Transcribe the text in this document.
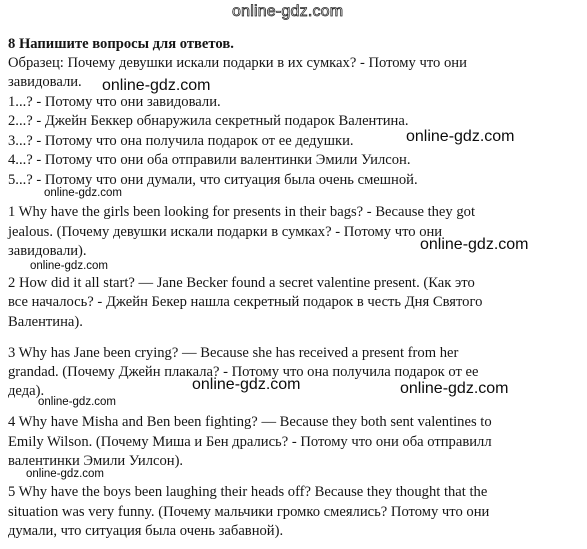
8 Напишите вопросы для ответов.
Образец: Почему девушки искали подарки в их сумках? - Потому что они
завидовали.
1...? - Потому что они завидовали.
2...? - Джейн Беккер обнаружила секретный подарок Валентина.
3...? - Потому что она получила подарок от ее дедушки.
4...? - Потому что они оба отправили валентинки Эмили Уилсон.
5...? - Потому что они думали, что ситуация была очень смешной.
1 Why have the girls been looking for presents in their bags? - Because they got
jealous. (Почему девушки искали подарки в сумках? - Потому что они
завидовали).
2 How did it all start? — Jane Becker found a secret valentine present. (Как это
все началось? - Джейн Бекер нашла секретный подарок в честь Дня Святого
Валентина).
3 Why has Jane been crying? — Because she has received a present from her
grandad. (Почему Джейн плакала? - Потому что она получила подарок от ее
деда).
4 Why have Misha and Ben been fighting? — Because they both sent valentines to
Emily Wilson. (Почему Миша и Бен дрались? - Потому что они оба отправилл
валентинки Эмили Уилсон).
5 Why have the boys been laughing their heads off? Because they thought that the
situation was very funny. (Почему мальчики громко смеялись? Потому что они
думали, что ситуация была очень забавной).
online-gdz.com
online-gdz.com
online-gdz.com
online-gdz.com
online-gdz.com
online-gdz.com
online-gdz.com	online-gdz.com
online-gdz.com
online-gdz.com
